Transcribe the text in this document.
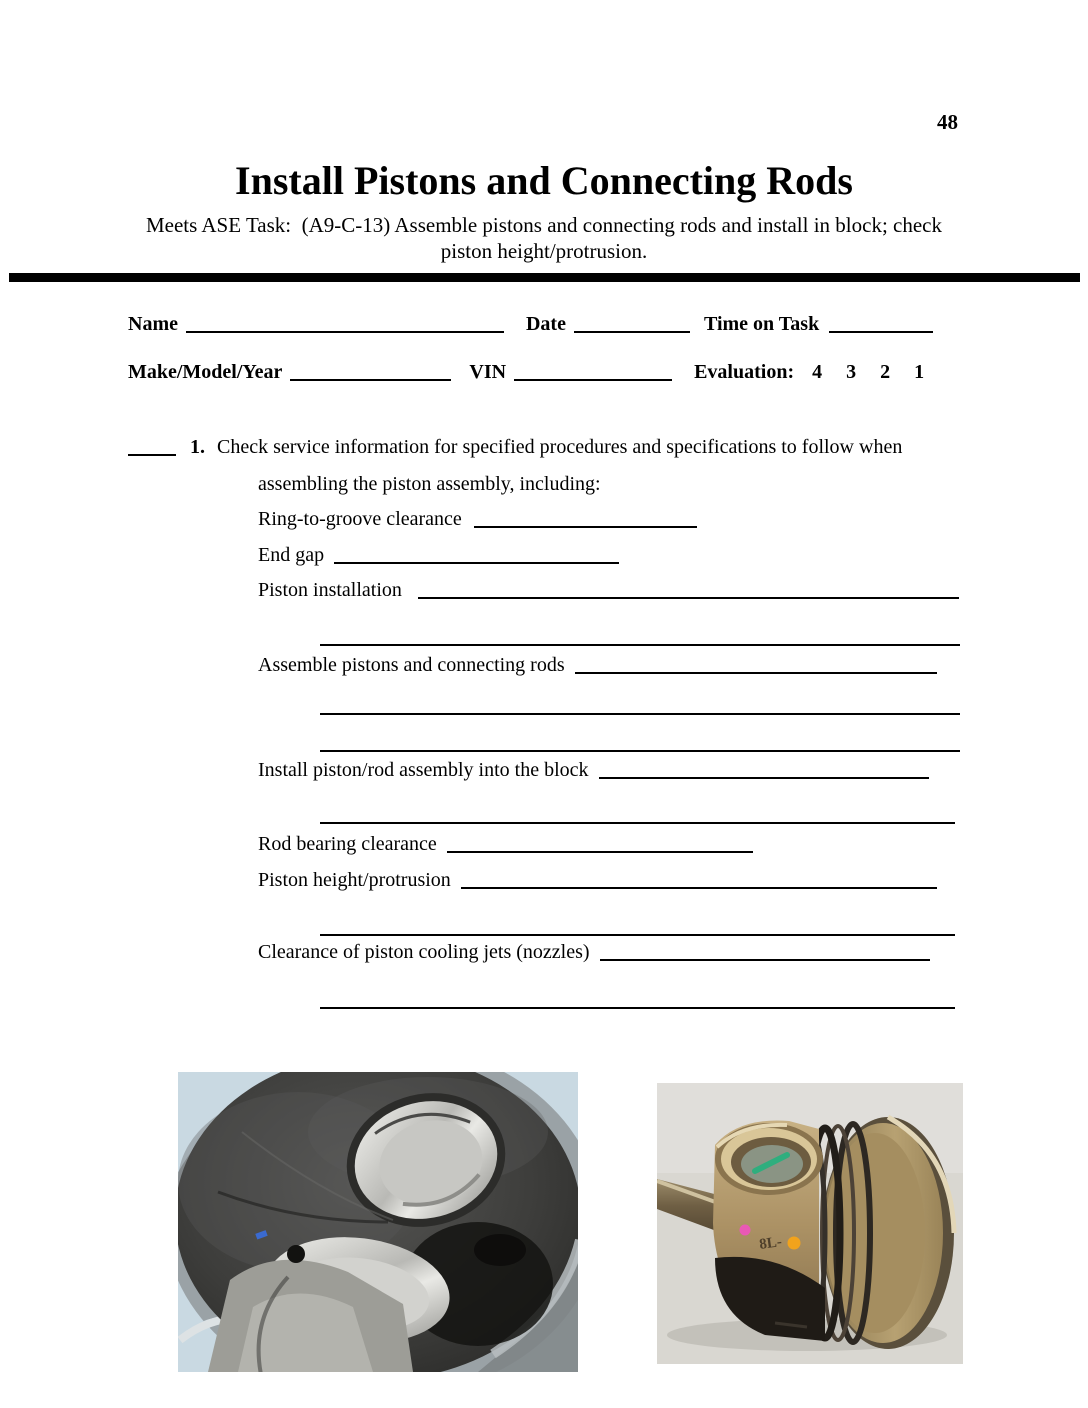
48
Install Pistons and Connecting Rods
Meets ASE Task:  (A9-C-13) Assemble pistons and connecting rods and install in block; check
piston height/protrusion.
Name	Date	Time on Task
Make/Model/Year	VIN	Evaluation: 4 3 2 1
1. Check service information for specified procedures and specifications to follow when
assembling the piston assembly, including:
Ring-to-groove clearance
End gap
Piston installation
Assemble pistons and connecting rods
Install piston/rod assembly into the block
Rod bearing clearance
Piston height/protrusion
Clearance of piston cooling jets (nozzles)
8L-
